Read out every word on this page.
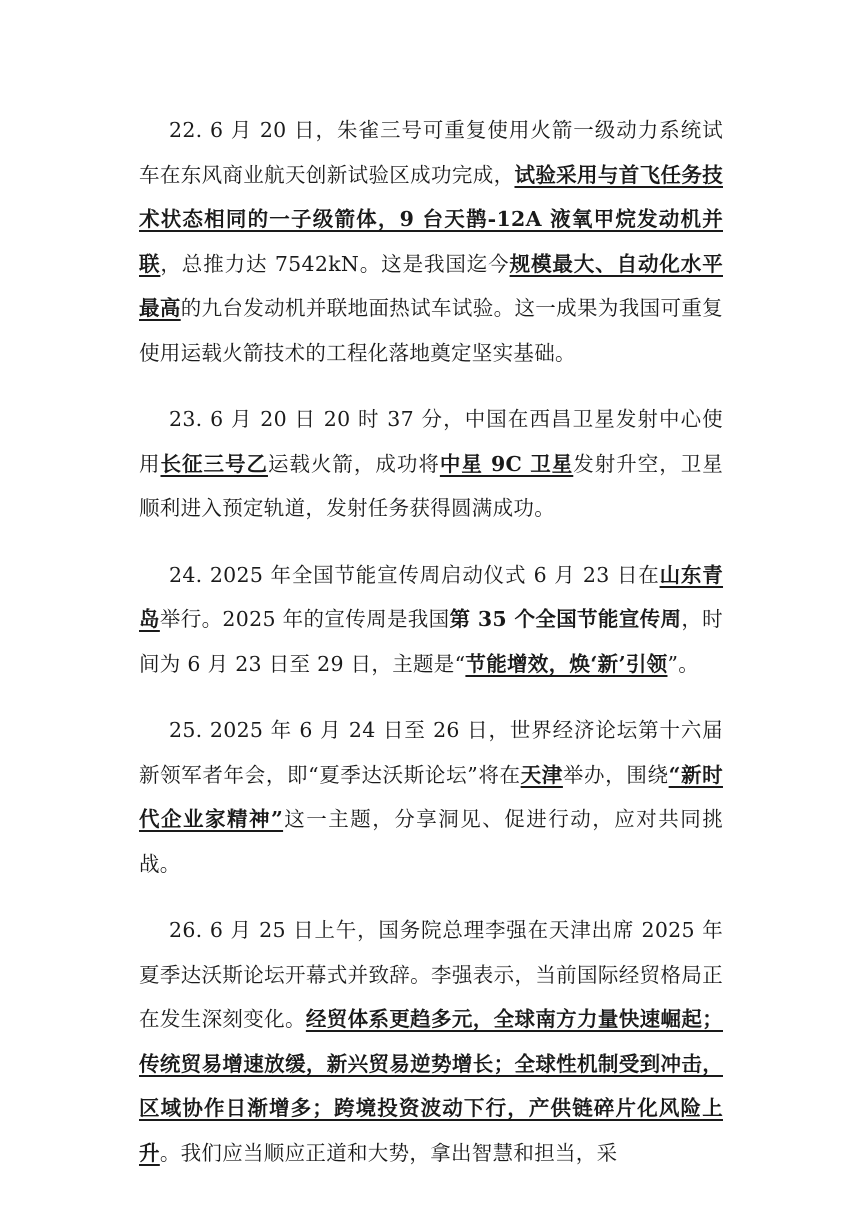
22. 6 月 20 日，朱雀三号可重复使用火箭一级动力系统试车在东风商业航天创新试验区成功完成，试验采用与首飞任务技术状态相同的一子级箭体，9 台天鹊-12A 液氧甲烷发动机并联，总推力达 7542kN。这是我国迄今规模最大、自动化水平最高的九台发动机并联地面热试车试验。这一成果为我国可重复使用运载火箭技术的工程化落地奠定坚实基础。

23. 6 月 20 日 20 时 37 分，中国在西昌卫星发射中心使用长征三号乙运载火箭，成功将中星 9C 卫星发射升空，卫星顺利进入预定轨道，发射任务获得圆满成功。

24. 2025 年全国节能宣传周启动仪式 6 月 23 日在山东青岛举行。2025 年的宣传周是我国第 35 个全国节能宣传周，时间为 6 月 23 日至 29 日，主题是“节能增效，焕‘新’引领”。

25. 2025 年 6 月 24 日至 26 日，世界经济论坛第十六届新领军者年会，即“夏季达沃斯论坛”将在天津举办，围绕“新时代企业家精神”这一主题，分享洞见、促进行动，应对共同挑战。

26. 6 月 25 日上午，国务院总理李强在天津出席 2025 年夏季达沃斯论坛开幕式并致辞。李强表示，当前国际经贸格局正在发生深刻变化。经贸体系更趋多元，全球南方力量快速崛起；传统贸易增速放缓，新兴贸易逆势增长；全球性机制受到冲击，区域协作日渐增多；跨境投资波动下行，产供链碎片化风险上升。我们应当顺应正道和大势，拿出智慧和担当，采
